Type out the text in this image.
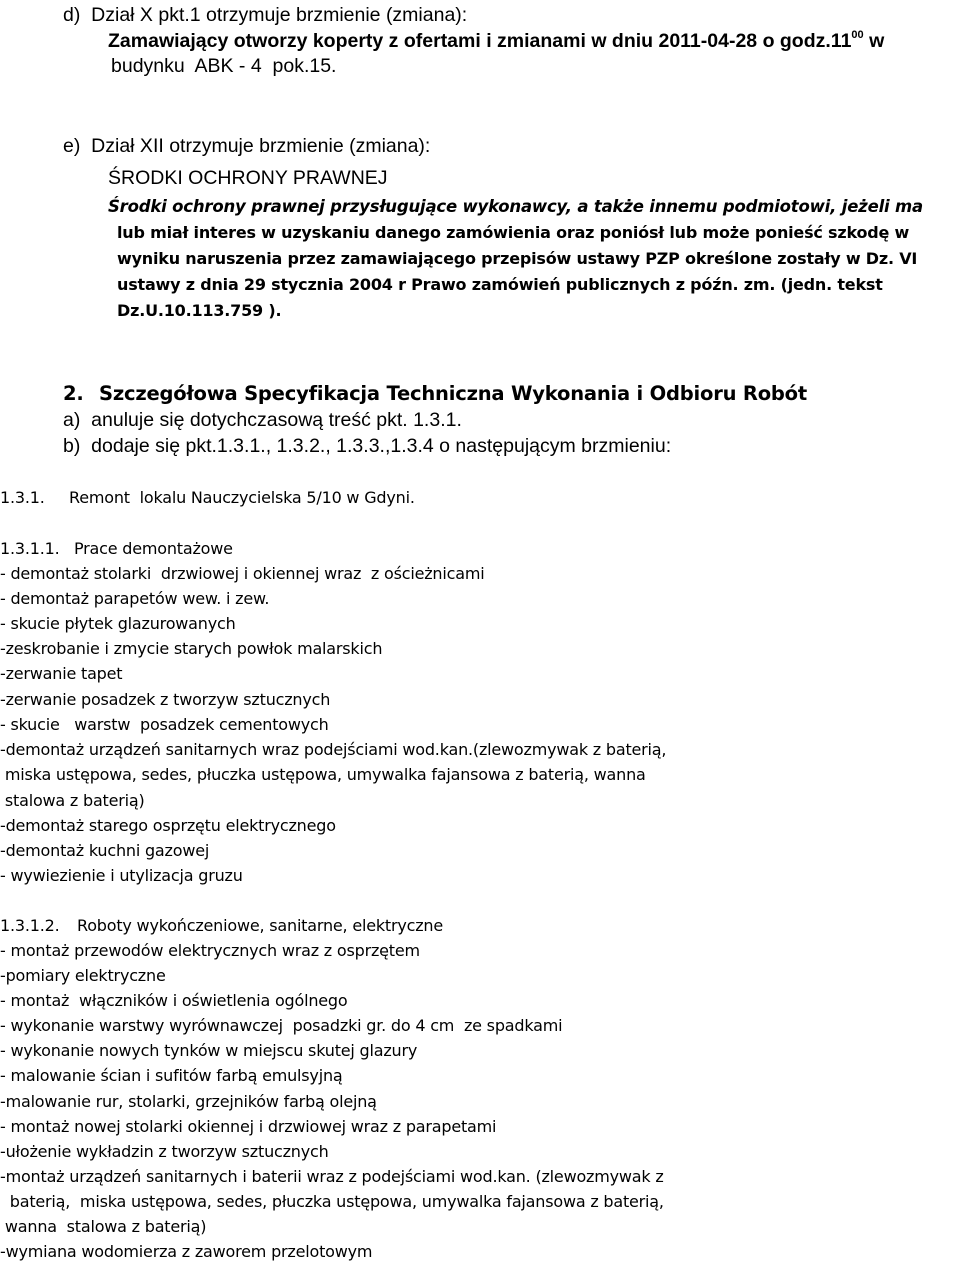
d)  Dział X pkt.1 otrzymuje brzmienie (zmiana):
Zamawiający otworzy koperty z ofertami i zmianami w dniu 2011-04-28 o $godz.11^{00}$ w
budynku  ABK - 4  pok.15.
e)  Dział XII otrzymuje brzmienie (zmiana):
ŚRODKI OCHRONY PRAWNEJ
Środki ochrony prawnej przysługujące wykonawcy, a także innemu podmiotowi, jeżeli ma
lub miał interes w uzyskaniu danego zamówienia oraz poniósł lub może ponieść szkodę w
wyniku naruszenia przez zamawiającego przepisów ustawy PZP określone zostały w Dz. VI
ustawy z dnia 29 stycznia 2004 r Prawo zamówień publicznych z późn. zm. (jedn. tekst
Dz.U.10.113.759 ).
2. Szczegółowa Specyfikacja Techniczna Wykonania i Odbioru Robót
a)  anuluje się dotychczasową treść pkt. 1.3.1.
b)  dodaje się pkt.1.3.1., 1.3.2., 1.3.3.,1.3.4 o następującym brzmieniu:
1.3.1. Remont  lokalu Nauczycielska 5/10 w Gdyni.
1.3.1.1. Prace demontażowe
- demontaż stolarki  drzwiowej i okiennej wraz  z ościeżnicami
- demontaż parapetów wew. i zew.
- skucie płytek glazurowanych
-zeskrobanie i zmycie starych powłok malarskich
-zerwanie tapet
-zerwanie posadzek z tworzyw sztucznych
- skucie   warstw  posadzek cementowych
-demontaż urządzeń sanitarnych wraz podejściami wod.kan.(zlewozmywak z baterią,
miska ustępowa, sedes, płuczka ustępowa, umywalka fajansowa z baterią, wanna
stalowa z baterią)
-demontaż starego osprzętu elektrycznego
-demontaż kuchni gazowej
- wywiezienie i utylizacja gruzu
1.3.1.2. Roboty wykończeniowe, sanitarne, elektryczne
- montaż przewodów elektrycznych wraz z osprzętem
-pomiary elektryczne
- montaż  włączników i oświetlenia ogólnego
- wykonanie warstwy wyrównawczej  posadzki gr. do 4 cm  ze spadkami
- wykonanie nowych tynków w miejscu skutej glazury
- malowanie ścian i sufitów farbą emulsyjną
-malowanie rur, stolarki, grzejników farbą olejną
- montaż nowej stolarki okiennej i drzwiowej wraz z parapetami
-ułożenie wykładzin z tworzyw sztucznych
-montaż urządzeń sanitarnych i baterii wraz z podejściami wod.kan. (zlewozmywak z
baterią,  miska ustępowa, sedes, płuczka ustępowa, umywalka fajansowa z baterią,
wanna  stalowa z baterią)
-wymiana wodomierza z zaworem przelotowym
